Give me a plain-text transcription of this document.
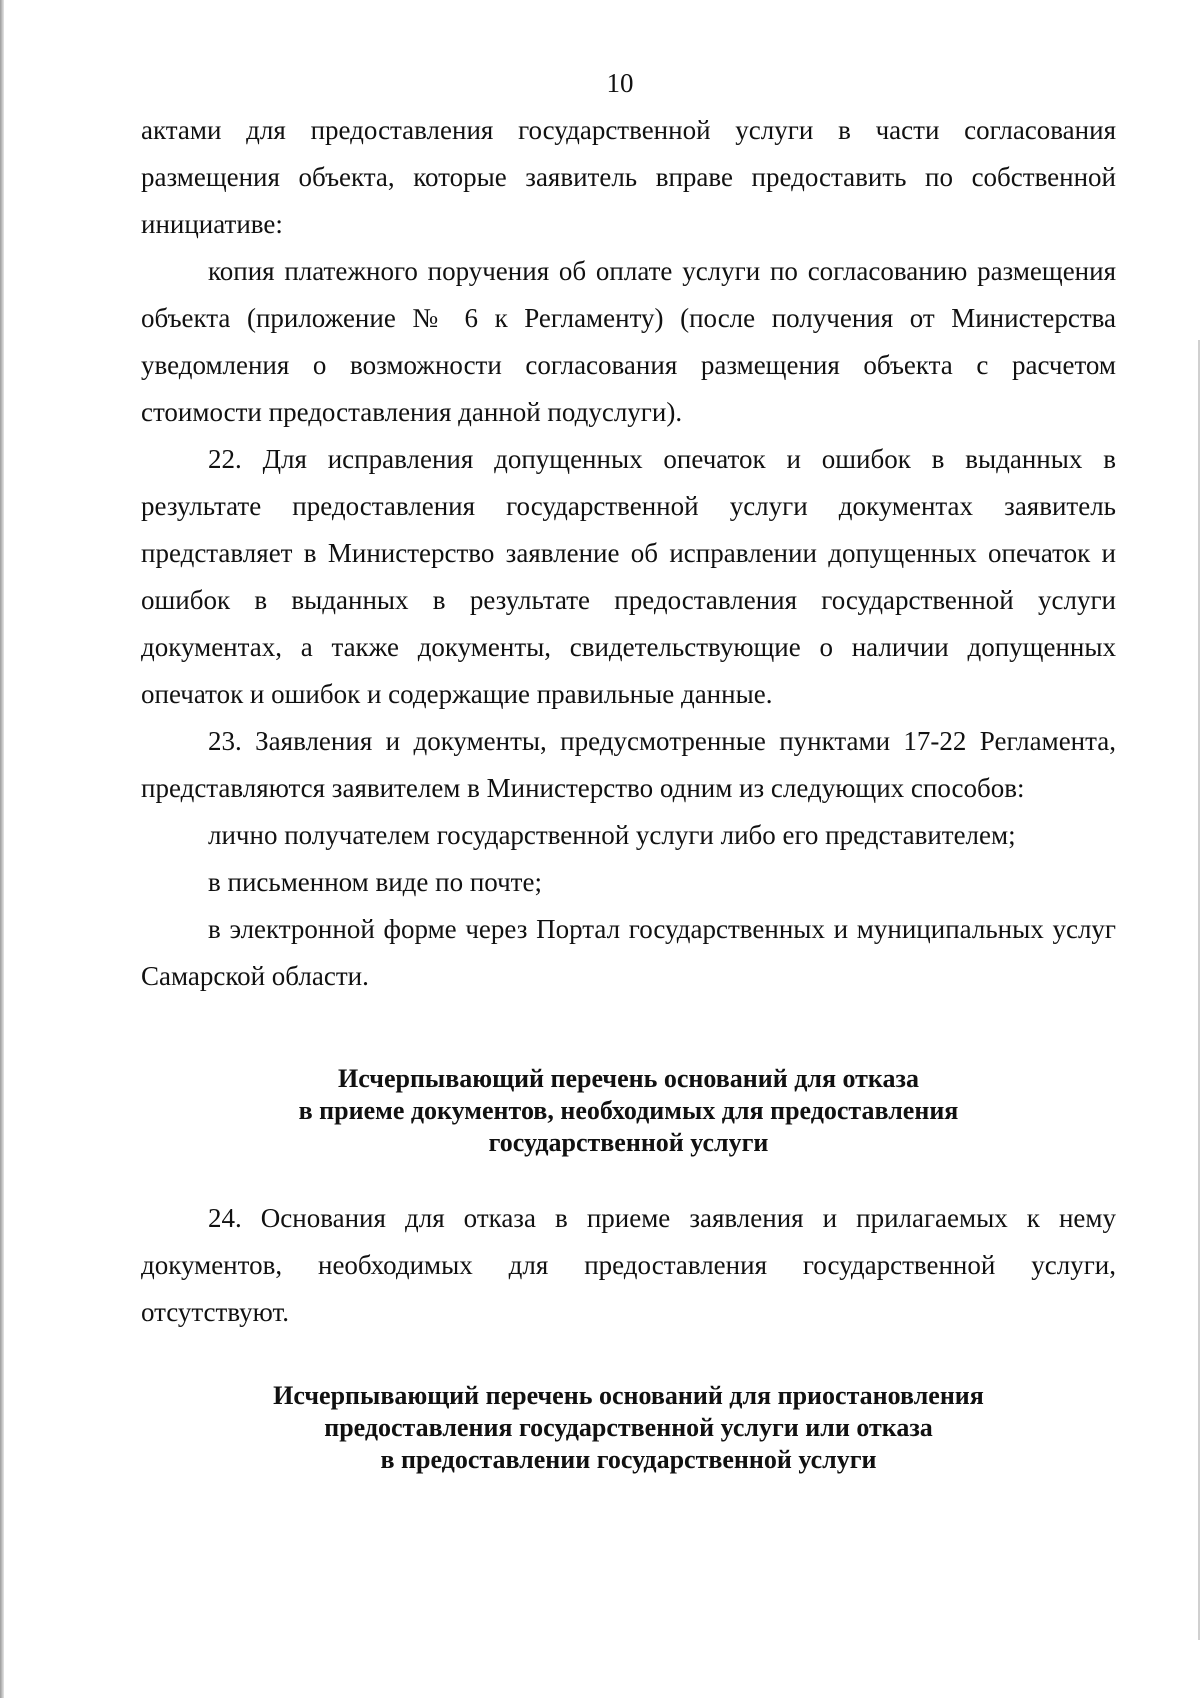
10

актами для предоставления государственной услуги в части согласования размещения объекта, которые заявитель вправе предоставить по собственной инициативе:

копия платежного поручения об оплате услуги по согласованию размещения объекта (приложение № 6 к Регламенту) (после получения от Министерства уведомления о возможности согласования размещения объекта с расчетом стоимости предоставления данной подуслуги).

22. Для исправления допущенных опечаток и ошибок в выданных в результате предоставления государственной услуги документах заявитель представляет в Министерство заявление об исправлении допущенных опечаток и ошибок в выданных в результате предоставления государственной услуги документах, а также документы, свидетельствующие о наличии допущенных опечаток и ошибок и содержащие правильные данные.

23. Заявления и документы, предусмотренные пунктами 17-22 Регламента, представляются заявителем в Министерство одним из следующих способов:

лично получателем государственной услуги либо его представителем;

в письменном виде по почте;

в электронной форме через Портал государственных и муниципальных услуг Самарской области.

Исчерпывающий перечень оснований для отказа
в приеме документов, необходимых для предоставления
государственной услуги

24. Основания для отказа в приеме заявления и прилагаемых к нему документов, необходимых для предоставления государственной услуги, отсутствуют.

Исчерпывающий перечень оснований для приостановления
предоставления государственной услуги или отказа
в предоставлении государственной услуги
